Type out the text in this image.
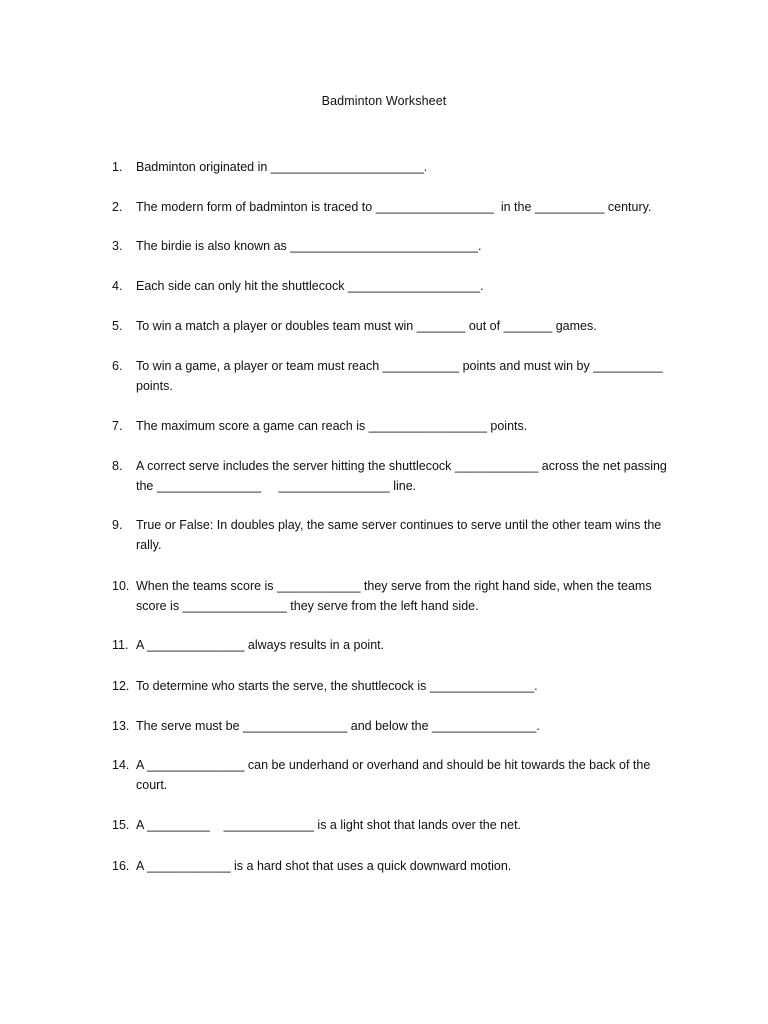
Badminton Worksheet
1.	Badminton originated in ______________________.
2.	The modern form of badminton is traced to _________________  in the __________ century.
3.	The birdie is also known as ___________________________.
4.	Each side can only hit the shuttlecock ___________________.
5.	To win a match a player or doubles team must win _______ out of _______ games.
6.	To win a game, a player or team must reach ___________ points and must win by __________
points.
7.	The maximum score a game can reach is _________________ points.
8.	A correct serve includes the server hitting the shuttlecock ____________ across the net passing
the _______________     ________________ line.
9.	True or False: In doubles play, the same server continues to serve until the other team wins the
rally.
10. When the teams score is ____________ they serve from the right hand side, when the teams
score is _______________ they serve from the left hand side.
11. A ______________ always results in a point.
12. To determine who starts the serve, the shuttlecock is _______________.
13. The serve must be _______________ and below the _______________.
14. A ______________ can be underhand or overhand and should be hit towards the back of the
court.
15. A _________    _____________ is a light shot that lands over the net.
16. A ____________ is a hard shot that uses a quick downward motion.
